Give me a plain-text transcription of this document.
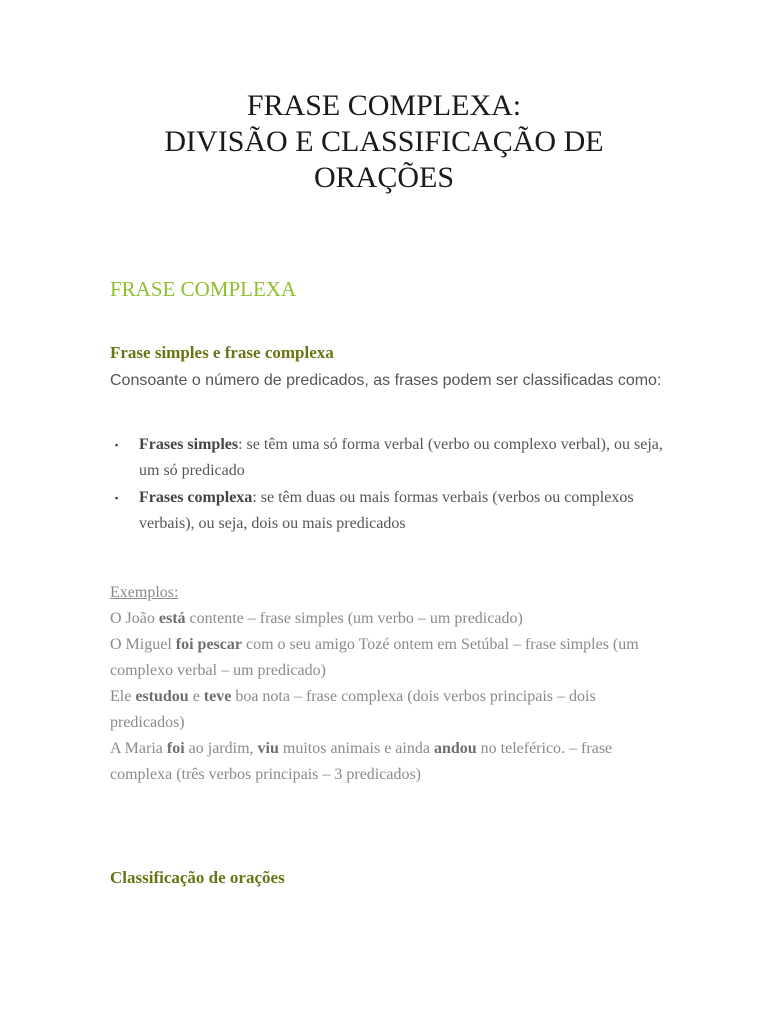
FRASE COMPLEXA:
DIVISÃO E CLASSIFICAÇÃO DE
ORAÇÕES
FRASE COMPLEXA
Frase simples e frase complexa
Consoante o número de predicados, as frases podem ser classificadas como:
▪ Frases simples: se têm uma só forma verbal (verbo ou complexo verbal), ou seja, um só predicado
▪ Frases complexa: se têm duas ou mais formas verbais (verbos ou complexos verbais), ou seja, dois ou mais predicados
Exemplos:
O João está contente – frase simples (um verbo – um predicado)
O Miguel foi pescar com o seu amigo Tozé ontem em Setúbal – frase simples (um complexo verbal – um predicado)
Ele estudou e teve boa nota – frase complexa (dois verbos principais – dois predicados)
A Maria foi ao jardim, viu muitos animais e ainda andou no teleférico. – frase complexa (três verbos principais – 3 predicados)
Classificação de orações
